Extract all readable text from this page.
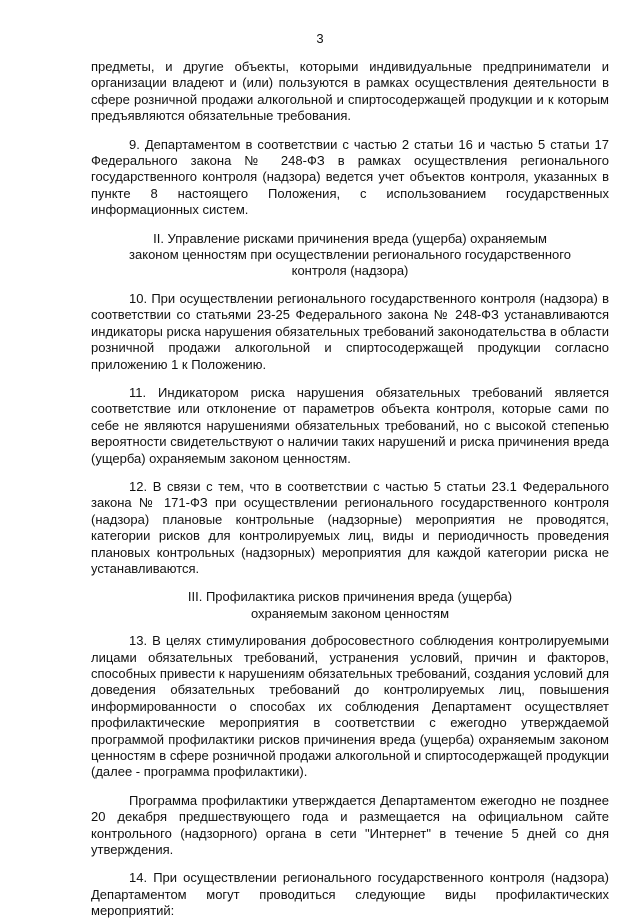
3

предметы, и другие объекты, которыми индивидуальные предприниматели и организации владеют и (или) пользуются в рамках осуществления деятельности в сфере розничной продажи алкогольной и спиртосодержащей продукции и к которым предъявляются обязательные требования.

9. Департаментом в соответствии с частью 2 статьи 16 и частью 5 статьи 17 Федерального закона № 248-ФЗ в рамках осуществления регионального государственного контроля (надзора) ведется учет объектов контроля, указанных в пункте 8 настоящего Положения, с использованием государственных информационных систем.

II. Управление рисками причинения вреда (ущерба) охраняемым
законом ценностям при осуществлении регионального государственного
контроля (надзора)

10. При осуществлении регионального государственного контроля (надзора) в соответствии со статьями 23-25 Федерального закона № 248-ФЗ устанавливаются индикаторы риска нарушения обязательных требований законодательства в области розничной продажи алкогольной и спиртосодержащей продукции согласно приложению 1 к Положению.

11. Индикатором риска нарушения обязательных требований является соответствие или отклонение от параметров объекта контроля, которые сами по себе не являются нарушениями обязательных требований, но с высокой степенью вероятности свидетельствуют о наличии таких нарушений и риска причинения вреда (ущерба) охраняемым законом ценностям.

12. В связи с тем, что в соответствии с частью 5 статьи 23.1 Федерального закона № 171-ФЗ при осуществлении регионального государственного контроля (надзора) плановые контрольные (надзорные) мероприятия не проводятся, категории рисков для контролируемых лиц, виды и периодичность проведения плановых контрольных (надзорных) мероприятия для каждой категории риска не устанавливаются.

III. Профилактика рисков причинения вреда (ущерба)
охраняемым законом ценностям

13. В целях стимулирования добросовестного соблюдения контролируемыми лицами обязательных требований, устранения условий, причин и факторов, способных привести к нарушениям обязательных требований, создания условий для доведения обязательных требований до контролируемых лиц, повышения информированности о способах их соблюдения Департамент осуществляет профилактические мероприятия в соответствии с ежегодно утверждаемой программой профилактики рисков причинения вреда (ущерба) охраняемым законом ценностям в сфере розничной продажи алкогольной и спиртосодержащей продукции (далее - программа профилактики).

Программа профилактики утверждается Департаментом ежегодно не позднее 20 декабря предшествующего года и размещается на официальном сайте контрольного (надзорного) органа в сети "Интернет" в течение 5 дней со дня утверждения.

14. При осуществлении регионального государственного контроля (надзора) Департаментом могут проводиться следующие виды профилактических мероприятий:
